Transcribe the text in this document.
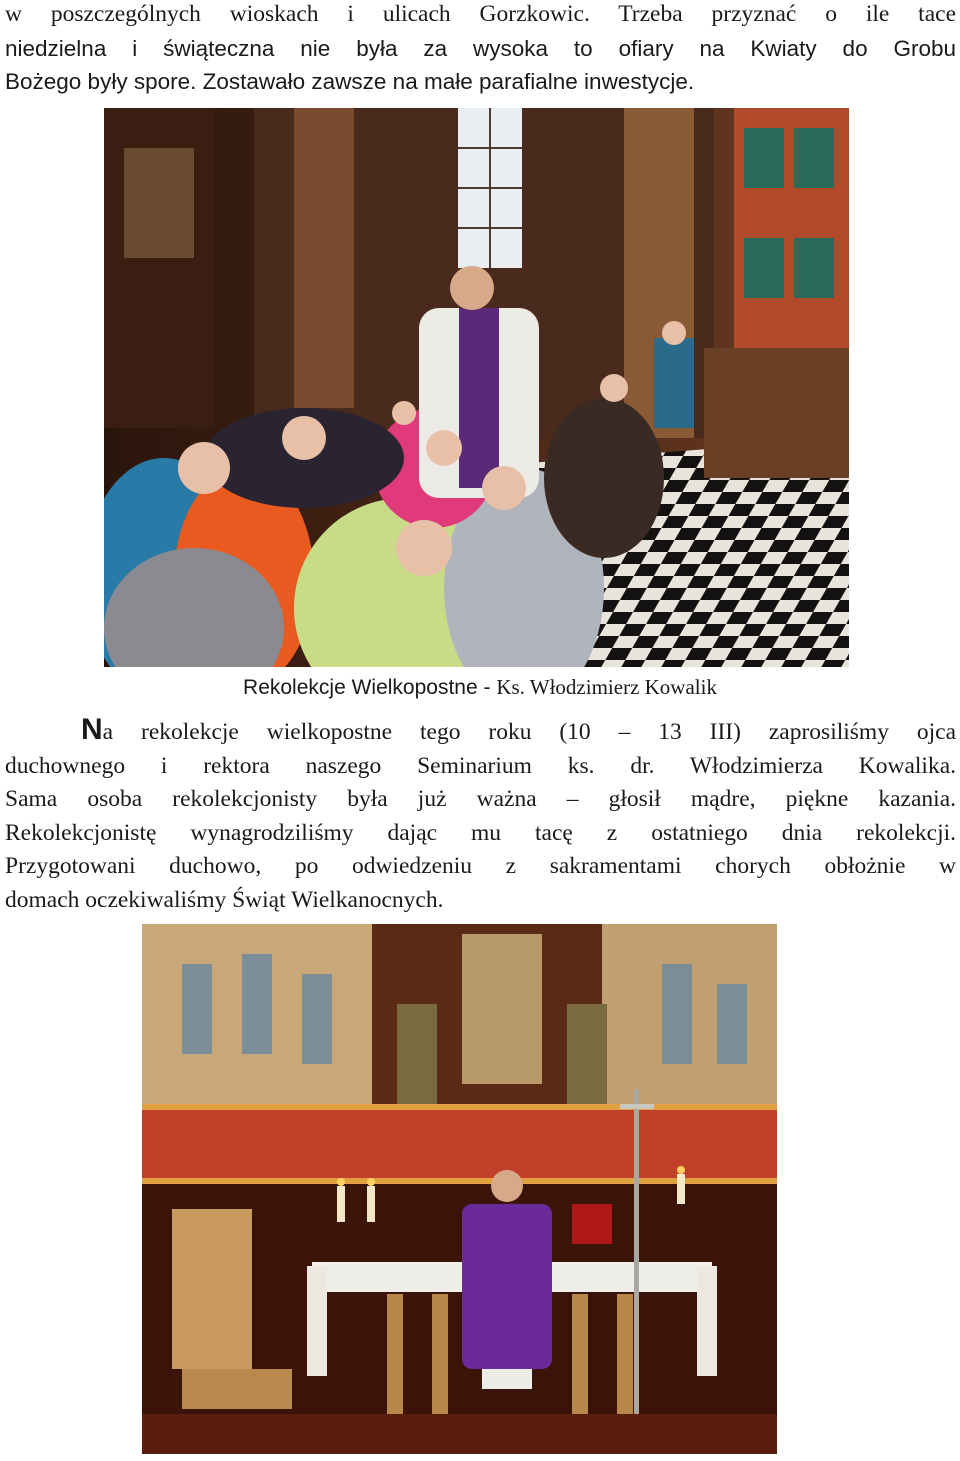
w poszczególnych wioskach i ulicach Gorzkowic. Trzeba przyznać o ile tace
niedzielna i świąteczna nie była za wysoka to ofiary na Kwiaty do Grobu
Bożego były spore. Zostawało zawsze na małe parafialne inwestycje.
Rekolekcje Wielkopostne - Ks. Włodzimierz Kowalik
Na rekolekcje wielkopostne tego roku (10 – 13 III) zaprosiliśmy ojca
duchownego i rektora naszego Seminarium ks. dr. Włodzimierza Kowalika.
Sama osoba rekolekcjonisty była już ważna – głosił mądre, piękne kazania.
Rekolekcjonistę wynagrodziliśmy dając mu tacę z ostatniego dnia rekolekcji.
Przygotowani duchowo, po odwiedzeniu z sakramentami chorych obłożnie w
domach oczekiwaliśmy Świąt Wielkanocnych.
